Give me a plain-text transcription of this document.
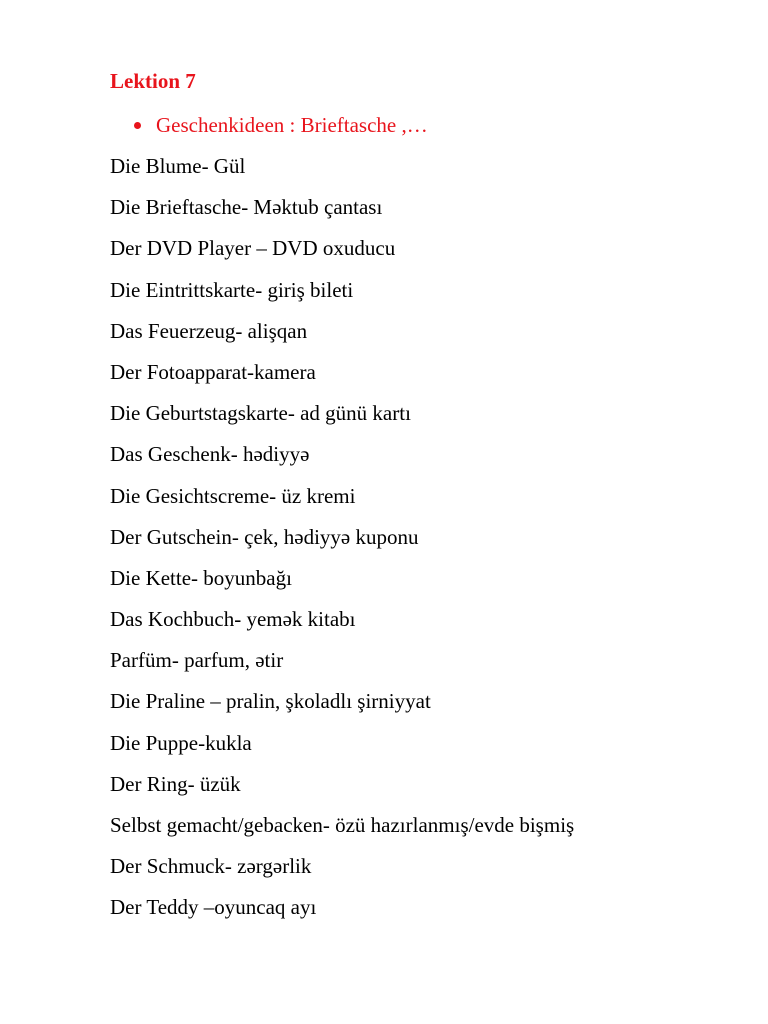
Lektion 7
Geschenkideen : Brieftasche ,…
Die Blume- Gül
Die Brieftasche- Məktub çantası
Der DVD Player – DVD oxuducu
Die Eintrittskarte- giriş bileti
Das Feuerzeug- alişqan
Der Fotoapparat-kamera
Die Geburtstagskarte- ad günü kartı
Das Geschenk- hədiyyə
Die Gesichtscreme- üz kremi
Der Gutschein- çek, hədiyyə kuponu
Die Kette- boyunbağı
Das Kochbuch- yemək kitabı
Parfüm- parfum, ətir
Die Praline – pralin, şkoladlı şirniyyat
Die Puppe-kukla
Der Ring- üzük
Selbst gemacht/gebacken- özü hazırlanmış/evde bişmiş
Der Schmuck- zərgərlik
Der Teddy –oyuncaq ayı
